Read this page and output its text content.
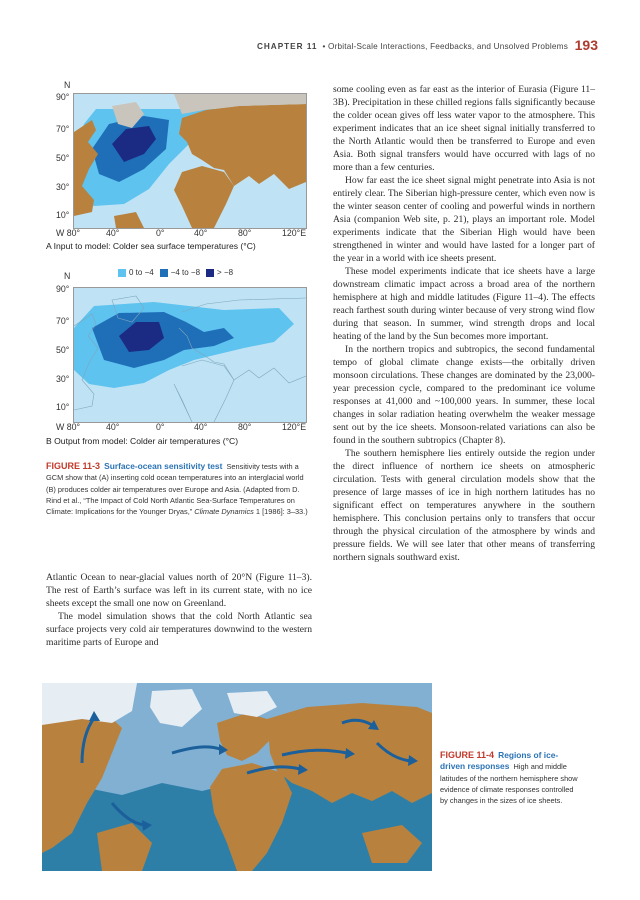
CHAPTER 11  • Orbital-Scale Interactions, Feedbacks, and Unsolved Problems 193
N
90°
70°
50°
30°
10°
W 80°	40°	0°	40°	80°	120°E
A Input to model: Colder sea surface temperatures (°C)
0 to −4 −4 to −8 > −8
N
90°
70°
50°
30°
10°
W 80°	40°	0°	40°	80°	120°E
B Output from model: Colder air temperatures (°C)
FIGURE 11-3 Surface-ocean sensitivity test Sensitivity tests with a GCM show that (A) inserting cold ocean temperatures into an interglacial world (B) produces colder air temperatures over Europe and Asia. (Adapted from D. Rind et al., “The Impact of Cold North Atlantic Sea-Surface Temperatures on Climate: Implications for the Younger Dryas,” Climate Dynamics 1 [1986]: 3–33.)

Atlantic Ocean to near-glacial values north of 20°N (Figure 11–3). The rest of Earth’s surface was left in its current state, with no ice sheets except the small one now on Greenland.

The model simulation shows that the cold North Atlantic sea surface projects very cold air temperatures downwind to the western maritime parts of Europe and

some cooling even as far east as the interior of Eurasia (Figure 11–3B). Precipitation in these chilled regions falls significantly because the colder ocean gives off less water vapor to the atmosphere. This experiment indicates that an ice sheet signal initially transferred to the North Atlantic would then be transferred to Europe and even Asia. Both signal transfers would have occurred with lags of no more than a few centuries.

How far east the ice sheet signal might penetrate into Asia is not entirely clear. The Siberian high-pressure center, which even now is the winter season center of cooling and powerful winds in northern Asia (companion Web site, p. 21), plays an important role. Model experiments indicate that the Siberian High would have been strengthened in winter and would have lasted for a longer part of the year in a world with ice sheets present.

These model experiments indicate that ice sheets have a large downstream climatic impact across a broad area of the northern hemisphere at high and middle latitudes (Figure 11–4). The effects reach farthest south during winter because of very strong wind flow during that season. In summer, wind strength drops and local heating of the land by the Sun becomes more important.

In the northern tropics and subtropics, the second fundamental tempo of global climate change exists—the orbitally driven monsoon circulations. These changes are dominated by the 23,000-year precession cycle, compared to the predominant ice volume responses at 41,000 and ~100,000 years. In summer, these local changes in solar radiation heating overwhelm the weaker message sent out by the ice sheets. Monsoon-related variations can also be found in the southern subtropics (Chapter 8).

The southern hemisphere lies entirely outside the region under the direct influence of northern ice sheets on atmospheric circulation. Tests with general circulation models show that the presence of large masses of ice in high northern latitudes has no significant effect on temperatures anywhere in the southern hemisphere. This conclusion pertains only to transfers that occur through the physical circulation of the atmosphere by winds and pressure fields. We will see later that other means of transferring northern signals southward exist.

FIGURE 11-4 Regions of ice-driven responses High and middle latitudes of the northern hemisphere show evidence of climate responses controlled by changes in the sizes of ice sheets.
